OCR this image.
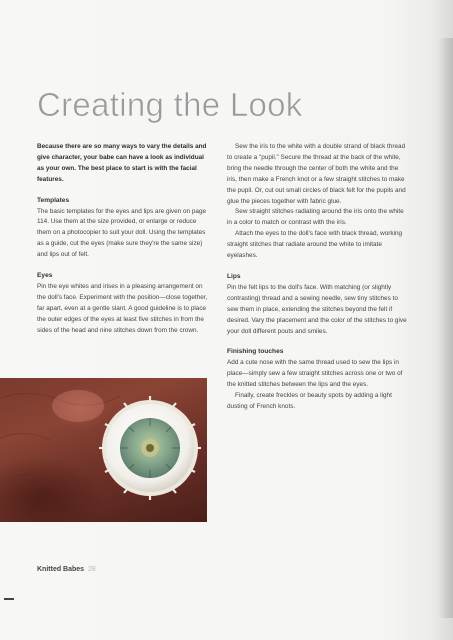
Creating the Look

Because there are so many ways to vary the details and give character, your babe can have a look as individual as your own. The best place to start is with the facial features.

Templates

The basic templates for the eyes and lips are given on page 114. Use them at the size provided, or enlarge or reduce them on a photocopier to suit your doll. Using the templates as a guide, cut the eyes (make sure they're the same size) and lips out of felt.

Eyes

Pin the eye whites and irises in a pleasing arrangement on the doll's face. Experiment with the position—close together, far apart, even at a gentle slant. A good guideline is to place the outer edges of the eyes at least five stitches in from the sides of the head and nine stitches down from the crown.

Sew the iris to the white with a double strand of black thread to create a "pupil." Secure the thread at the back of the white, bring the needle through the center of both the white and the iris, then make a French knot or a few straight stitches to make the pupil. Or, cut out small circles of black felt for the pupils and glue the pieces together with fabric glue.

Sew straight stitches radiating around the iris onto the white in a color to match or contrast with the iris.

Attach the eyes to the doll's face with black thread, working straight stitches that radiate around the white to imitate eyelashes.

Lips

Pin the felt lips to the doll's face. With matching (or slightly contrasting) thread and a sewing needle, sew tiny stitches to sew them in place, extending the stitches beyond the felt if desired. Vary the placement and the color of the stitches to give your doll different pouts and smiles.

Finishing touches

Add a cute nose with the same thread used to sew the lips in place—simply sew a few straight stitches across one or two of the knitted stitches between the lips and the eyes.

Finally, create freckles or beauty spots by adding a light dusting of French knots.

Knitted Babes 28
